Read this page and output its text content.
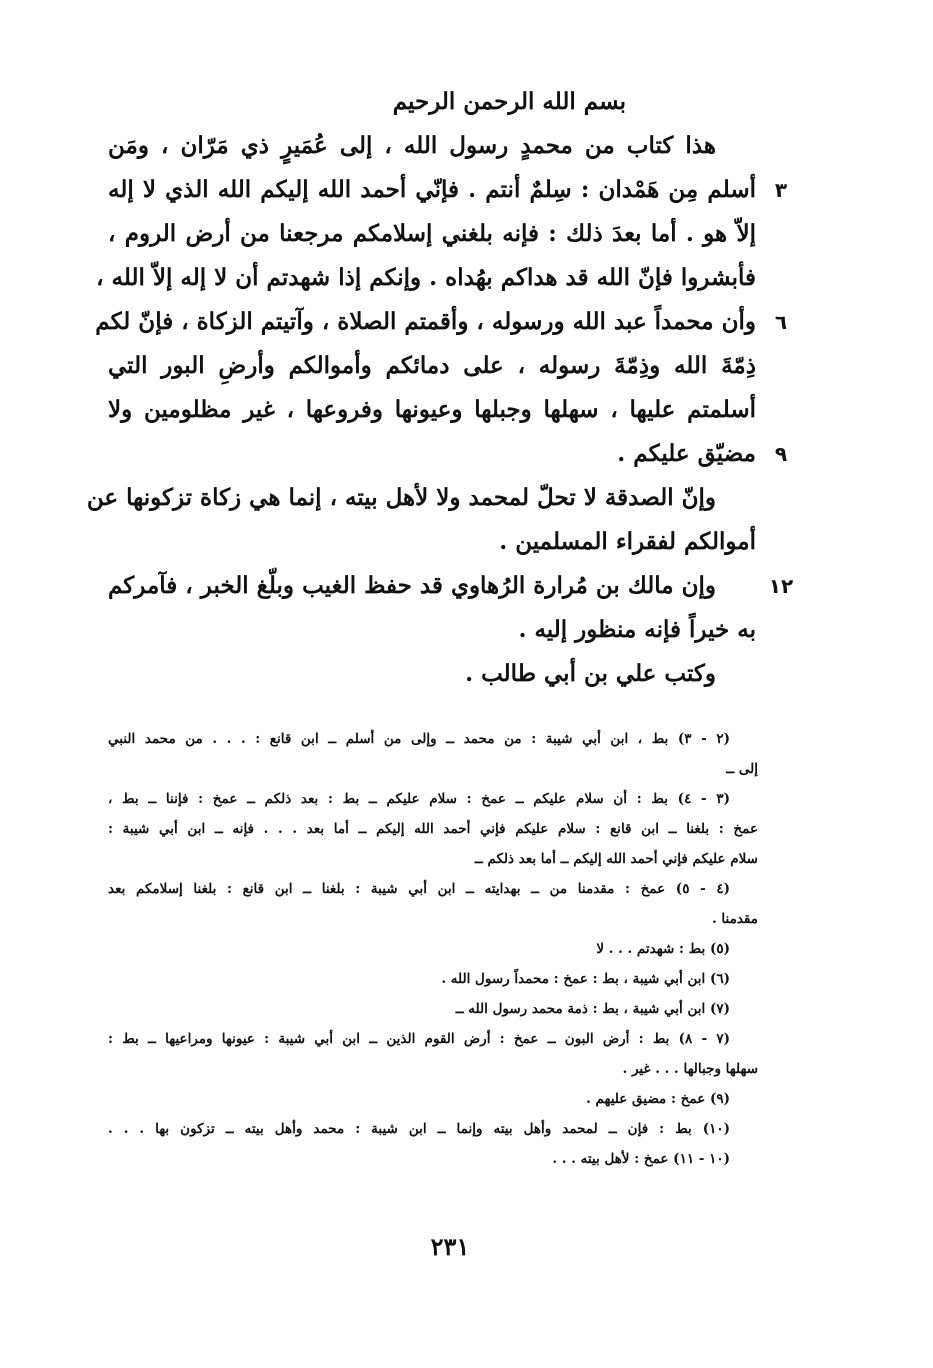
٣
٦
٩
١٢
بسم الله الرحمن الرحيم
هذا كتاب من محمدٍ رسول الله ، إلى عُمَيرٍ ذي مَرّان ، ومَن
أسلم مِن هَمْدان : سِلمٌ أنتم . فإنّي أحمد الله إليكم الله الذي لا إله
إلاّ هو . أما بعدَ ذلك : فإنه بلغني إسلامكم مرجعنا من أرض الروم ،
فأبشروا فإنّ الله قد هداكم بهُداه . وإنكم إذا شهدتم أن لا إله إلاّ الله ،
وأن محمداً عبد الله ورسوله ، وأقمتم الصلاة ، وآتيتم الزكاة ، فإنّ لكم
ذِمّةَ الله وذِمّةَ رسوله ، على دمائكم وأموالكم وأرضِ البور التي
أسلمتم عليها ، سهلها وجبلها وعيونها وفروعها ، غير مظلومين ولا
مضيّق عليكم .
وإنّ الصدقة لا تحلّ لمحمد ولا لأهل بيته ، إنما هي زكاة تزكونها عن
أموالكم لفقراء المسلمين .
وإن مالك بن مُرارة الرُهاوي قد حفظ الغيب وبلّغ الخبر ، فآمركم
به خيراً فإنه منظور إليه .
وكتب علي بن أبي طالب .
(٢ - ٣) بط ، ابن أبي شيبة : من محمد ــ وإلى من أسلم ــ ابن قانع : . . . من محمد النبي
إلى ــ
(٣ - ٤) بط : أن سلام عليكم ــ عمخ : سلام عليكم ــ بط : بعد ذلكم ــ عمخ : فإننا ــ بط ،
عمخ : بلغنا ــ ابن قانع : سلام عليكم فإني أحمد الله إليكم ــ أما بعد . . . فإنه ــ ابن أبي شيبة :
سلام عليكم فإني أحمد الله إليكم ــ أما بعد ذلكم ــ
(٤ - ٥) عمخ : مقدمنا من ــ بهدايته ــ ابن أبي شيبة : بلغنا ــ ابن قانع : بلغنا إسلامكم بعد
مقدمنا .
(٥) بط : شهدتم . . . لا
(٦) ابن أبي شيبة ، بط : عمخ : محمداً رسول الله .
(٧) ابن أبي شيبة ، بط : ذمة محمد رسول الله ــ
(٧ - ٨) بط : أرض البون ــ عمخ : أرض القوم الذين ــ ابن أبي شيبة : عيونها ومراعيها ــ بط :
سهلها وجبالها . . . غير .
(٩) عمخ : مضيق عليهم .
(١٠) بط : فإن ــ لمحمد وأهل بيته وإنما ــ ابن شيبة : محمد وأهل بيته ــ تزكون بها . . .
(١٠ - ١١) عمخ : لأهل بيته . . .
٢٣١
